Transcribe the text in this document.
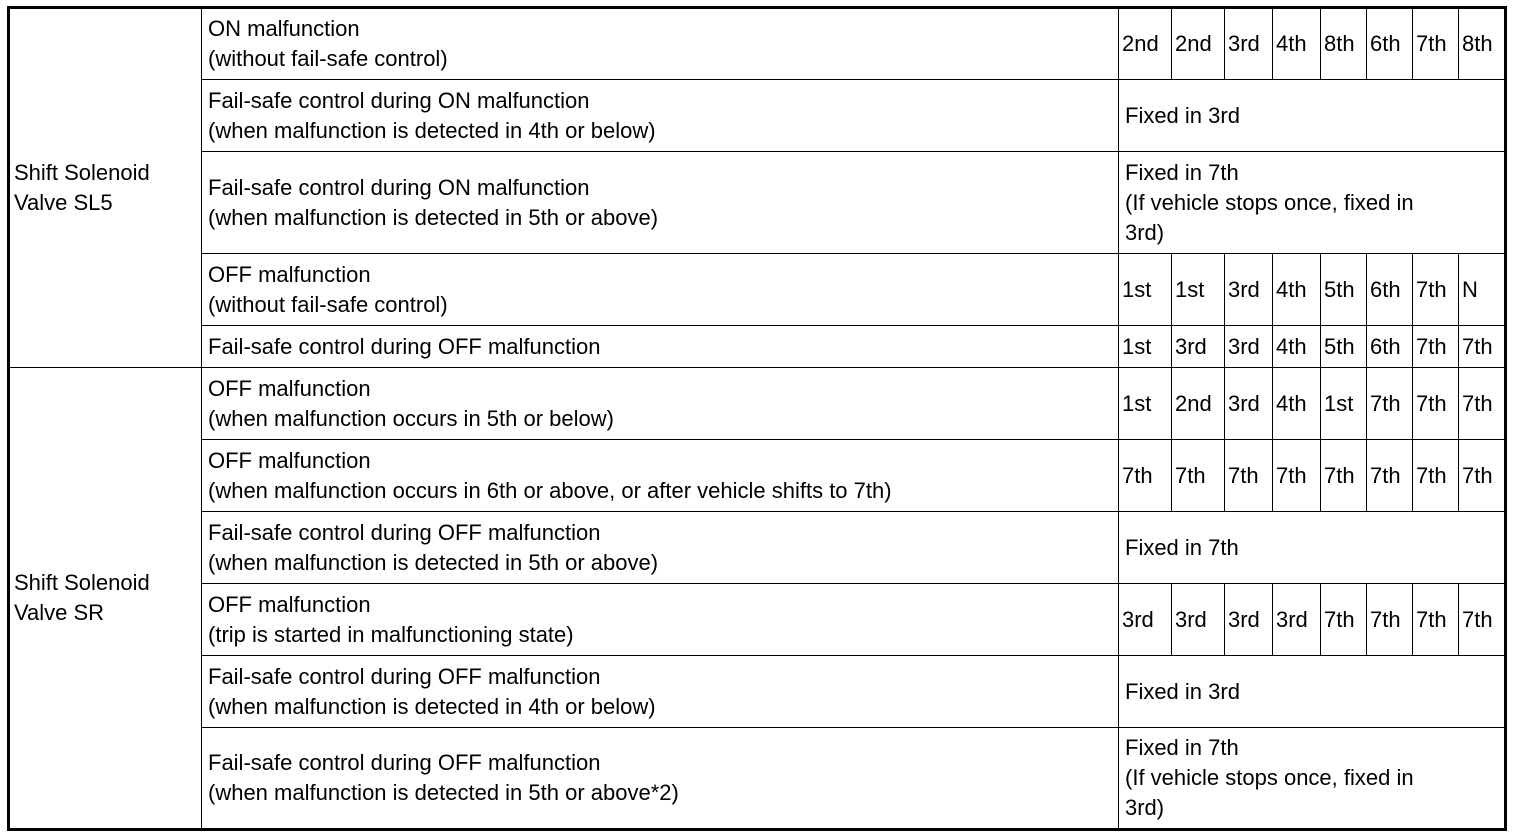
Shift Solenoid
Valve SL5	ON malfunction
(without fail-safe control)	2nd	2nd	3rd	4th	8th	6th	7th	8th

	Fail-safe control during ON malfunction
(when malfunction is detected in 4th or below)	Fixed in 3rd							

	Fail-safe control during ON malfunction
(when malfunction is detected in 5th or above)	Fixed in 7th
(If vehicle stops once, fixed in
3rd)							

	OFF malfunction
(without fail-safe control)	1st	1st	3rd	4th	5th	6th	7th	N

	Fail-safe control during OFF malfunction	1st	3rd	3rd	4th	5th	6th	7th	7th

Shift Solenoid
Valve SR	OFF malfunction
(when malfunction occurs in 5th or below)	1st	2nd	3rd	4th	1st	7th	7th	7th

	OFF malfunction
(when malfunction occurs in 6th or above, or after vehicle shifts to 7th)	7th	7th	7th	7th	7th	7th	7th	7th

	Fail-safe control during OFF malfunction
(when malfunction is detected in 5th or above)	Fixed in 7th							

	OFF malfunction
(trip is started in malfunctioning state)	3rd	3rd	3rd	3rd	7th	7th	7th	7th

	Fail-safe control during OFF malfunction
(when malfunction is detected in 4th or below)	Fixed in 3rd							

	Fail-safe control during OFF malfunction
(when malfunction is detected in 5th or above*2)	Fixed in 7th
(If vehicle stops once, fixed in
3rd)							
